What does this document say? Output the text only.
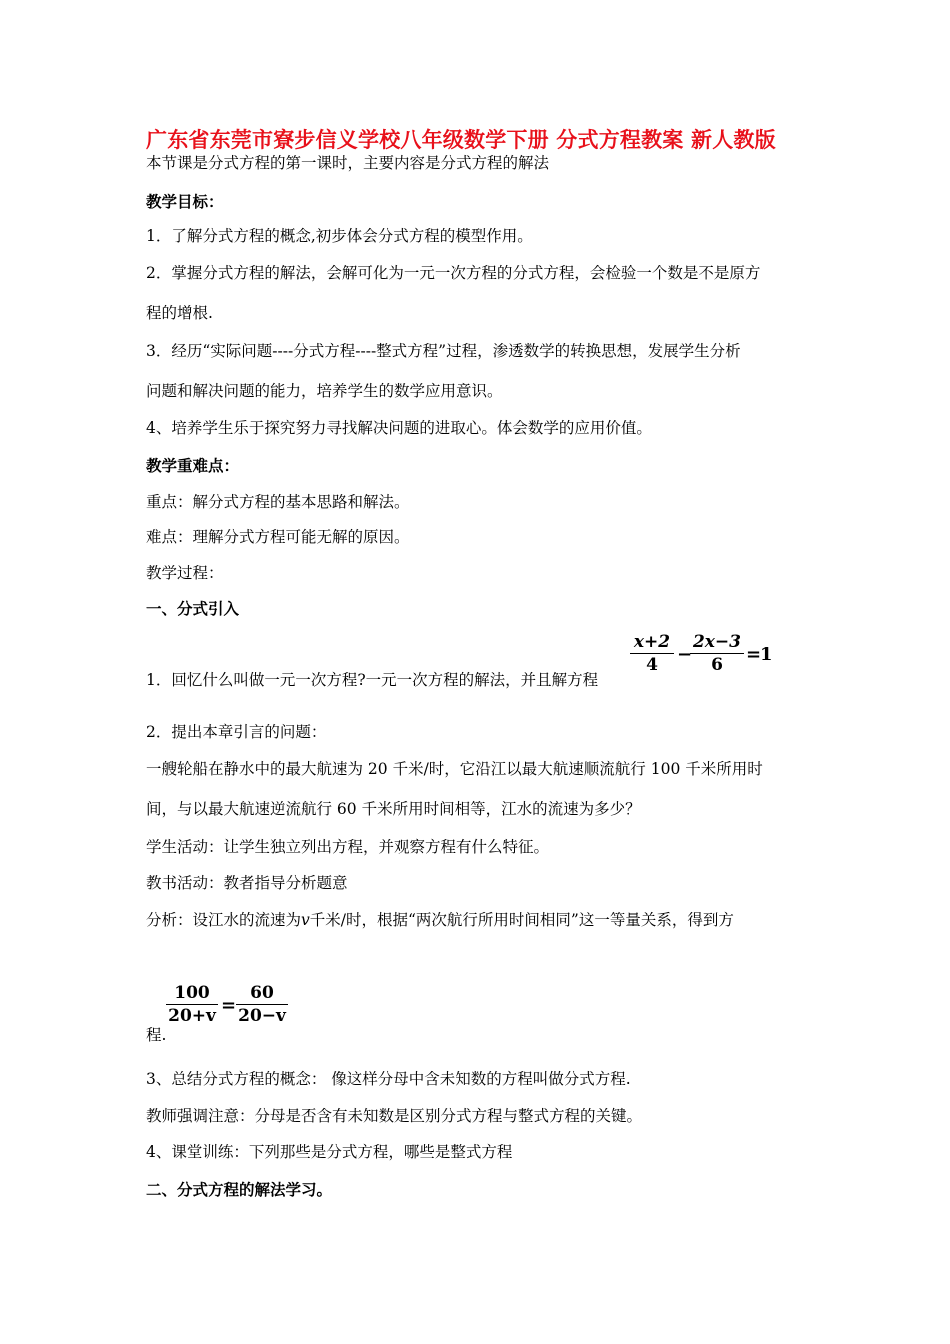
广东省东莞市寮步信义学校八年级数学下册 分式方程教案 新人教版
本节课是分式方程的第一课时，主要内容是分式方程的解法
教学目标：
1．了解分式方程的概念,初步体会分式方程的模型作用。
2．掌握分式方程的解法，会解可化为一元一次方程的分式方程，会检验一个数是不是原方
程的增根.
3．经历“实际问题----分式方程----整式方程”过程，渗透数学的转换思想，发展学生分析
问题和解决问题的能力，培养学生的数学应用意识。
4、培养学生乐于探究努力寻找解决问题的进取心。体会数学的应用价值。
教学重难点：
重点：解分式方程的基本思路和解法。
难点：理解分式方程可能无解的原因。
教学过程：
一、分式引入
1．回忆什么叫做一元一次方程?一元一次方程的解法，并且解方程
x+2
4	−
2x−3
6	=
1
2．提出本章引言的问题：
一艘轮船在静水中的最大航速为 20 千米/时，它沿江以最大航速顺流航行 100 千米所用时
间，与以最大航速逆流航行 60 千米所用时间相等，江水的流速为多少？
学生活动：让学生独立列出方程，并观察方程有什么特征。
教书活动：教者指导分析题意
分析：设江水的流速为v千米/时，根据“两次航行所用时间相同”这一等量关系，得到方
100
20+v =
60
20−v
程.
3、总结分式方程的概念： 像这样分母中含未知数的方程叫做分式方程.
教师强调注意：分母是否含有未知数是区别分式方程与整式方程的关键。
4、课堂训练：下列那些是分式方程，哪些是整式方程
二、分式方程的解法学习。
